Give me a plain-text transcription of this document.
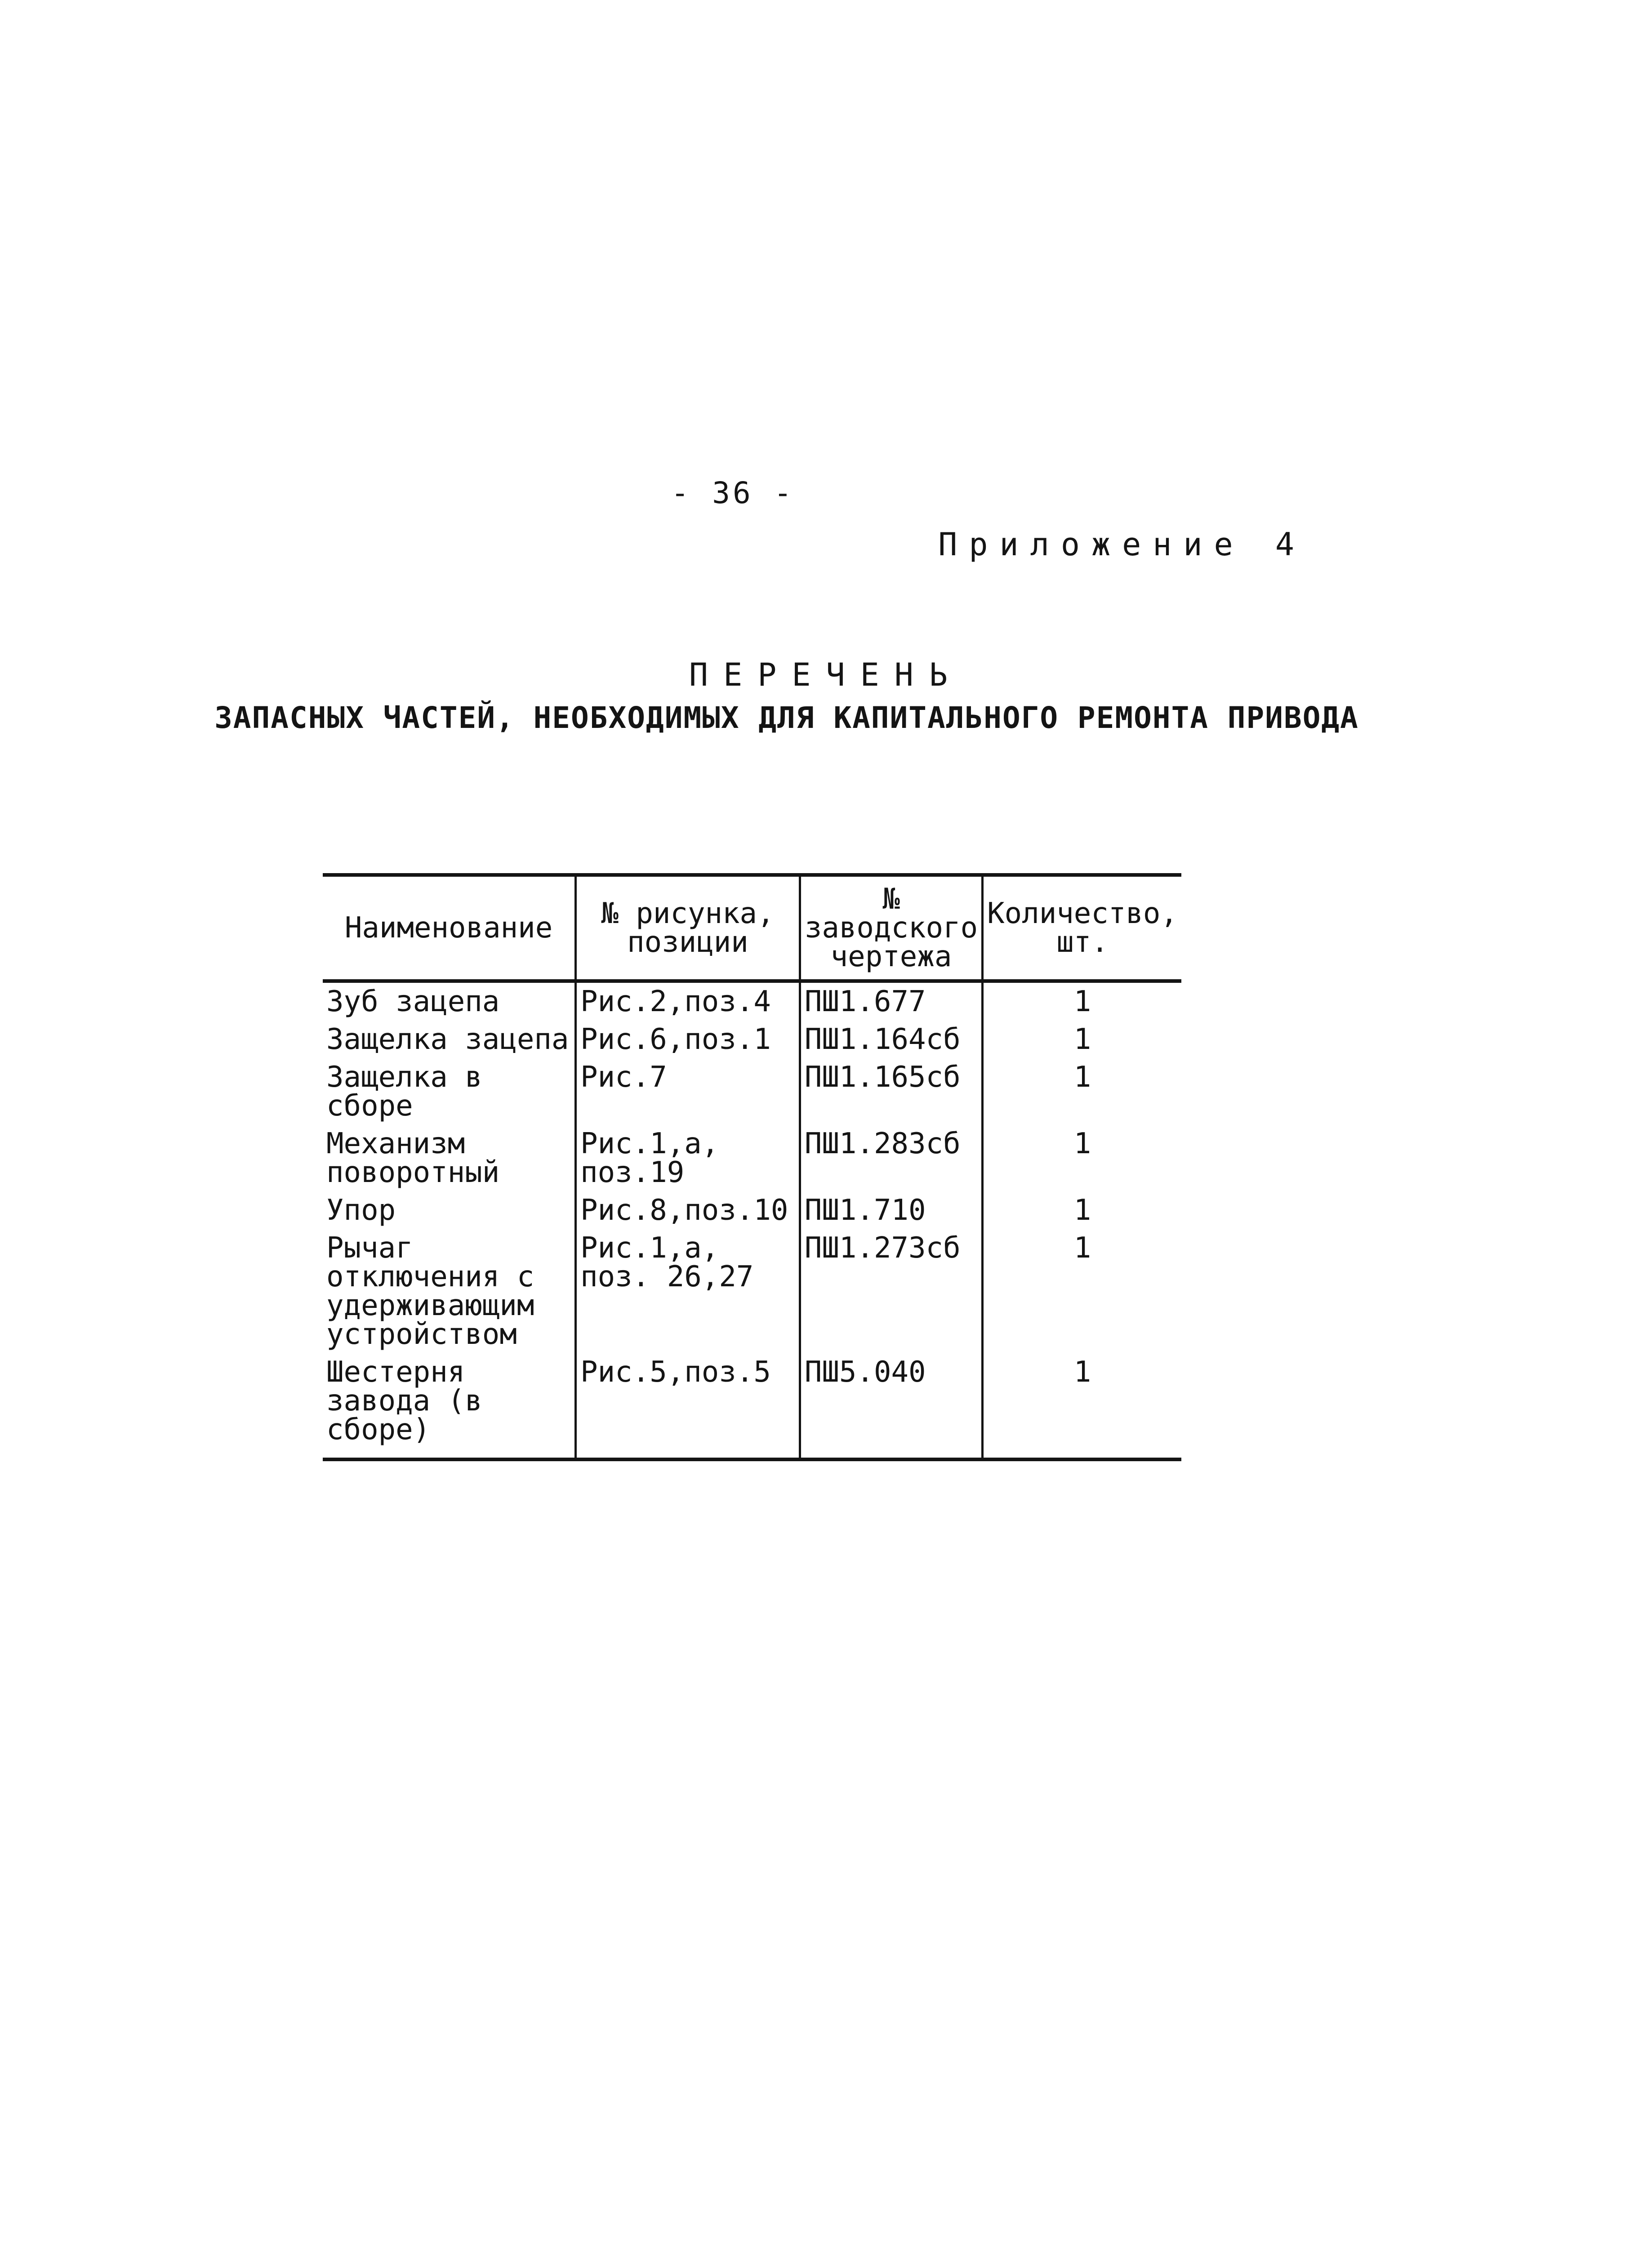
- 36 -
Приложение 4
ПЕРЕЧЕНЬ
ЗАПАСНЫХ ЧАСТЕЙ, НЕОБХОДИМЫХ ДЛЯ КАПИТАЛЬНОГО РЕМОНТА ПРИВОДА
Наименование	№ рисунка, позиции	№ заводского чертежа	Количество, шт.
Зуб зацепа	Рис.2,поз.4	ПШ1.677	1
Защелка зацепа	Рис.6,поз.1	ПШ1.164сб	1
Защелка в сборе	Рис.7	ПШ1.165сб	1
Механизм поворотный	Рис.1,а, поз.19	ПШ1.283сб	1
Упор	Рис.8,поз.10	ПШ1.710	1
Рычаг отключения с удерживающим устройством	Рис.1,а, поз. 26,27	ПШ1.273сб	1
Шестерня завода (в сборе)	Рис.5,поз.5	ПШ5.040	1
